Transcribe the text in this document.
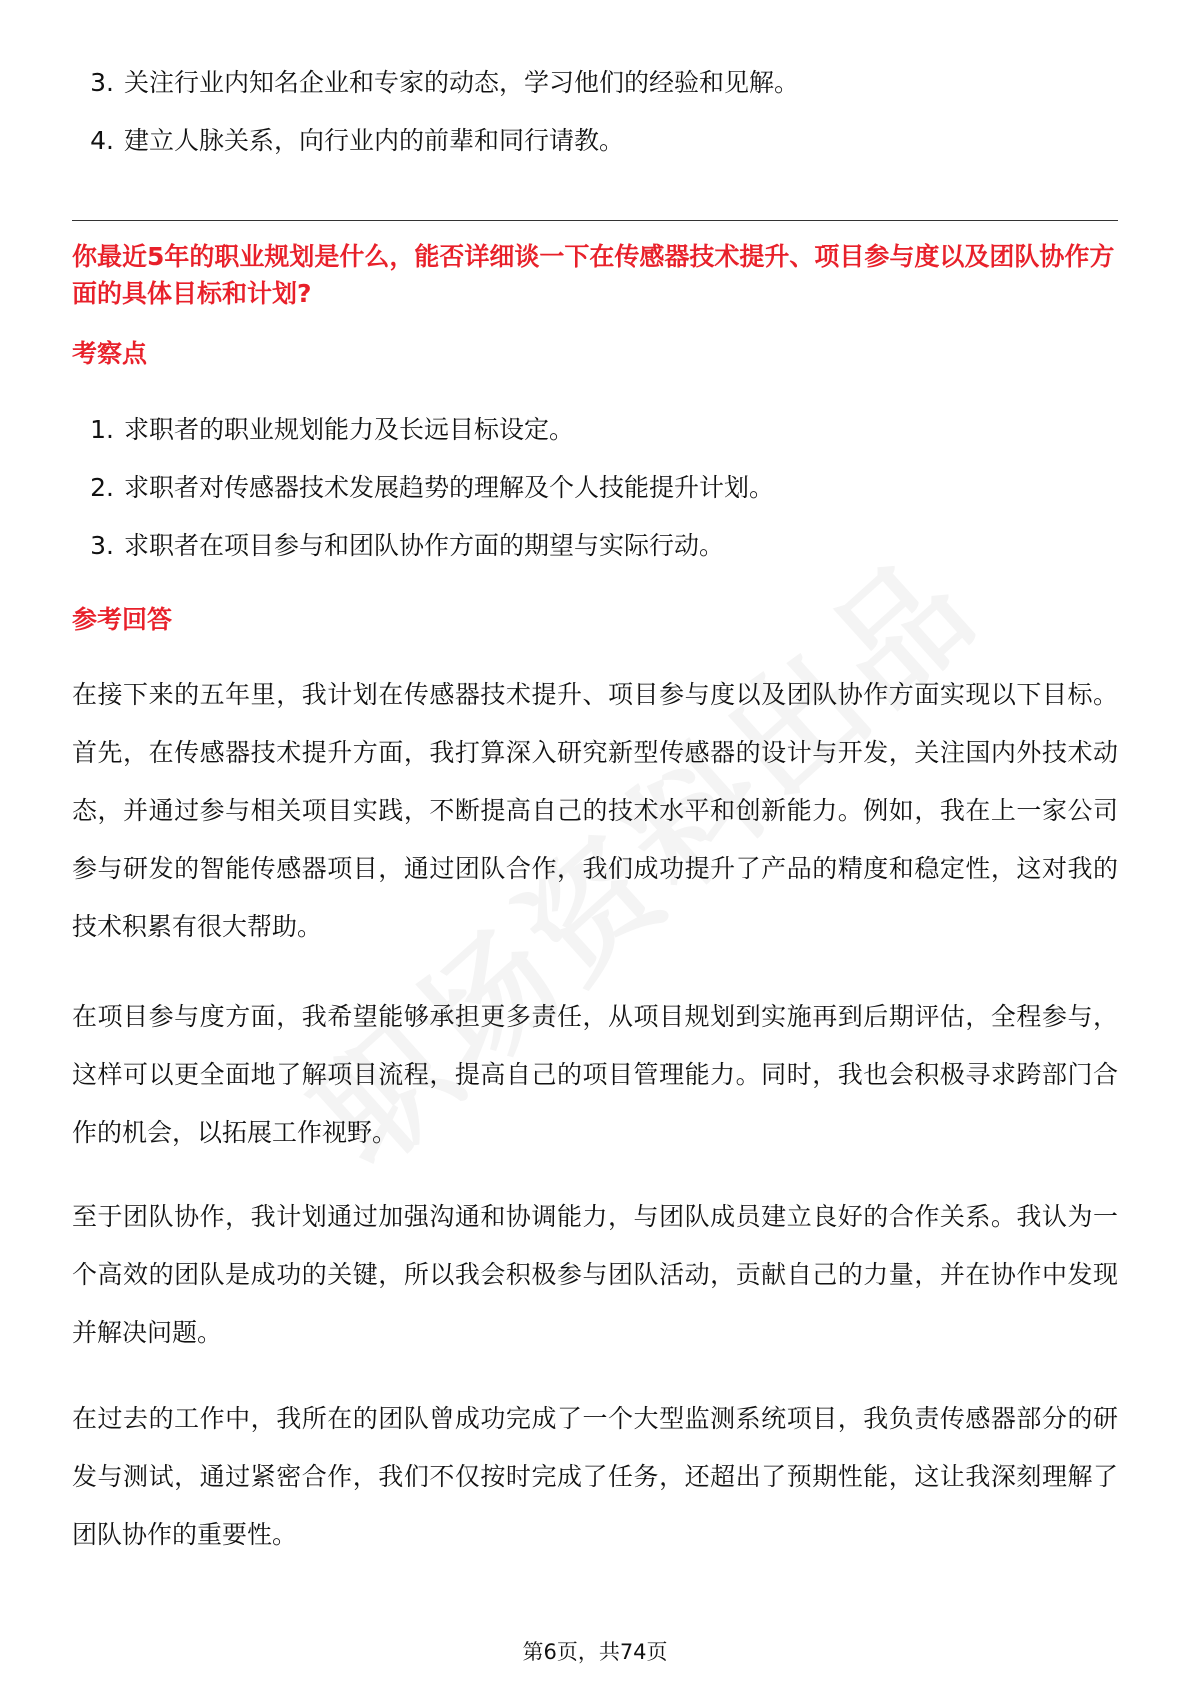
3. 关注行业内知名企业和专家的动态，学习他们的经验和见解。
4. 建立人脉关系，向行业内的前辈和同行请教。
你最近5年的职业规划是什么，能否详细谈一下在传感器技术提升、项目参与度以及团队协作方面的具体目标和计划?
考察点
1. 求职者的职业规划能力及长远目标设定。
2. 求职者对传感器技术发展趋势的理解及个人技能提升计划。
3. 求职者在项目参与和团队协作方面的期望与实际行动。
参考回答

在接下来的五年里，我计划在传感器技术提升、项目参与度以及团队协作方面实现以下目标。首先，在传感器技术提升方面，我打算深入研究新型传感器的设计与开发，关注国内外技术动态，并通过参与相关项目实践，不断提高自己的技术水平和创新能力。例如，我在上一家公司参与研发的智能传感器项目，通过团队合作，我们成功提升了产品的精度和稳定性，这对我的技术积累有很大帮助。

在项目参与度方面，我希望能够承担更多责任，从项目规划到实施再到后期评估，全程参与，这样可以更全面地了解项目流程，提高自己的项目管理能力。同时，我也会积极寻求跨部门合作的机会，以拓展工作视野。

至于团队协作，我计划通过加强沟通和协调能力，与团队成员建立良好的合作关系。我认为一个高效的团队是成功的关键，所以我会积极参与团队活动，贡献自己的力量，并在协作中发现并解决问题。

在过去的工作中，我所在的团队曾成功完成了一个大型监测系统项目，我负责传感器部分的研发与测试，通过紧密合作，我们不仅按时完成了任务，还超出了预期性能，这让我深刻理解了团队协作的重要性。

第6页，共74页
